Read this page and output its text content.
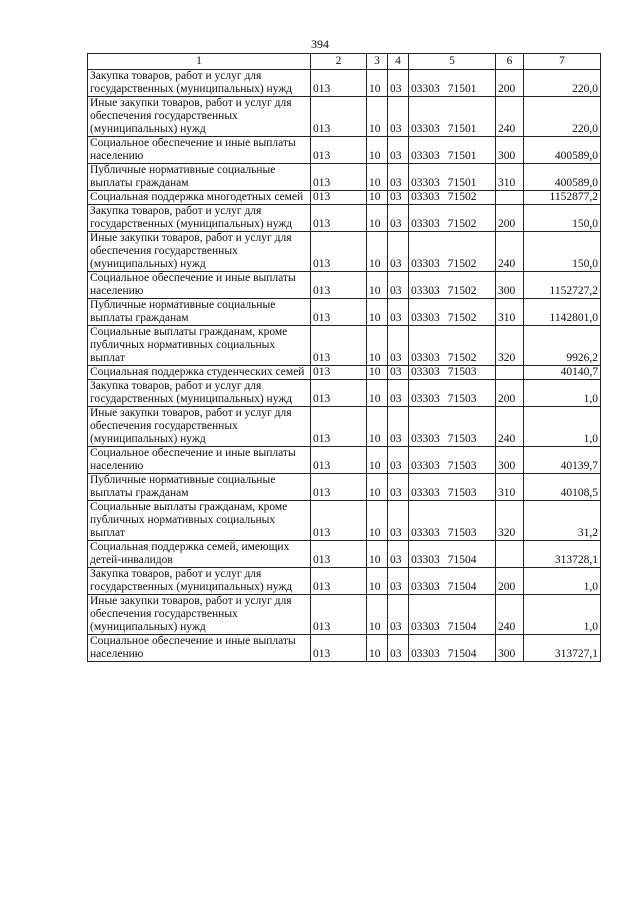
394
1	2	3	4	5	6	7
Закупка товаров, работ и услуг для государственных (муниципальных) нужд	013	10	03	03303 71501	200	220,0
Иные закупки товаров, работ и услуг для обеспечения государственных (муниципальных) нужд	013	10	03	03303 71501	240	220,0
Социальное обеспечение и иные выплаты населению	013	10	03	03303 71501	300	400589,0
Публичные нормативные социальные выплаты гражданам	013	10	03	03303 71501	310	400589,0
Социальная поддержка многодетных семей	013	10	03	03303 71502		1152877,2
Закупка товаров, работ и услуг для государственных (муниципальных) нужд	013	10	03	03303 71502	200	150,0
Иные закупки товаров, работ и услуг для обеспечения государственных (муниципальных) нужд	013	10	03	03303 71502	240	150,0
Социальное обеспечение и иные выплаты населению	013	10	03	03303 71502	300	1152727,2
Публичные нормативные социальные выплаты гражданам	013	10	03	03303 71502	310	1142801,0
Социальные выплаты гражданам, кроме публичных нормативных социальных выплат	013	10	03	03303 71502	320	9926,2
Социальная поддержка студенческих семей	013	10	03	03303 71503		40140,7
Закупка товаров, работ и услуг для государственных (муниципальных) нужд	013	10	03	03303 71503	200	1,0
Иные закупки товаров, работ и услуг для обеспечения государственных (муниципальных) нужд	013	10	03	03303 71503	240	1,0
Социальное обеспечение и иные выплаты населению	013	10	03	03303 71503	300	40139,7
Публичные нормативные социальные выплаты гражданам	013	10	03	03303 71503	310	40108,5
Социальные выплаты гражданам, кроме публичных нормативных социальных выплат	013	10	03	03303 71503	320	31,2
Социальная поддержка семей, имеющих детей-инвалидов	013	10	03	03303 71504		313728,1
Закупка товаров, работ и услуг для государственных (муниципальных) нужд	013	10	03	03303 71504	200	1,0
Иные закупки товаров, работ и услуг для обеспечения государственных (муниципальных) нужд	013	10	03	03303 71504	240	1,0
Социальное обеспечение и иные выплаты населению	013	10	03	03303 71504	300	313727,1
